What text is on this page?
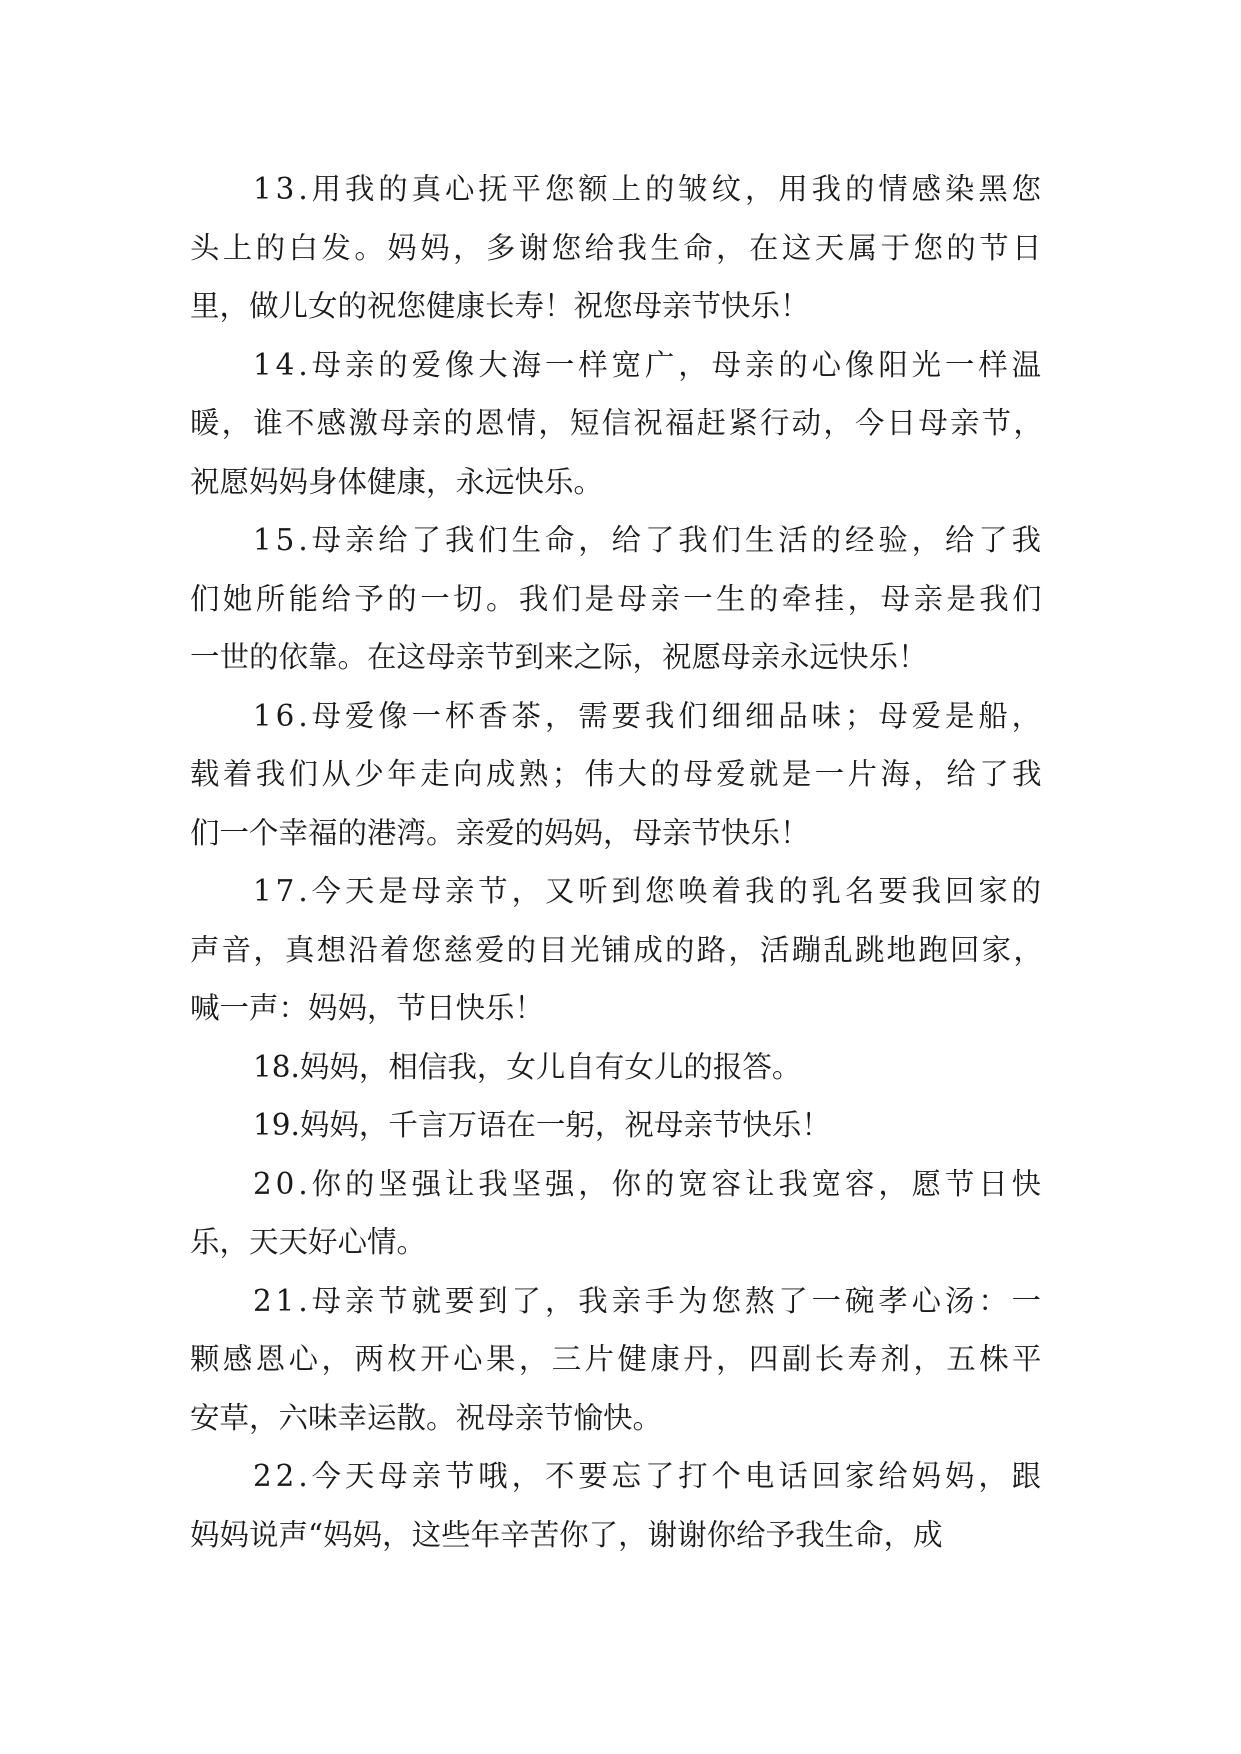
13.用我的真心抚平您额上的皱纹，用我的情感染黑您
头上的白发。妈妈，多谢您给我生命，在这天属于您的节日
里，做儿女的祝您健康长寿！祝您母亲节快乐！
14.母亲的爱像大海一样宽广，母亲的心像阳光一样温
暖，谁不感激母亲的恩情，短信祝福赶紧行动，今日母亲节，
祝愿妈妈身体健康，永远快乐。
15.母亲给了我们生命，给了我们生活的经验，给了我
们她所能给予的一切。我们是母亲一生的牵挂，母亲是我们
一世的依靠。在这母亲节到来之际，祝愿母亲永远快乐！
16.母爱像一杯香茶，需要我们细细品味；母爱是船，
载着我们从少年走向成熟；伟大的母爱就是一片海，给了我
们一个幸福的港湾。亲爱的妈妈，母亲节快乐！
17.今天是母亲节，又听到您唤着我的乳名要我回家的
声音，真想沿着您慈爱的目光铺成的路，活蹦乱跳地跑回家，
喊一声：妈妈，节日快乐！
18.妈妈，相信我，女儿自有女儿的报答。
19.妈妈，千言万语在一躬，祝母亲节快乐！
20.你的坚强让我坚强，你的宽容让我宽容，愿节日快
乐，天天好心情。
21.母亲节就要到了，我亲手为您熬了一碗孝心汤：一
颗感恩心，两枚开心果，三片健康丹，四副长寿剂，五株平
安草，六味幸运散。祝母亲节愉快。
22.今天母亲节哦，不要忘了打个电话回家给妈妈，跟
妈妈说声“妈妈，这些年辛苦你了，谢谢你给予我生命，成
